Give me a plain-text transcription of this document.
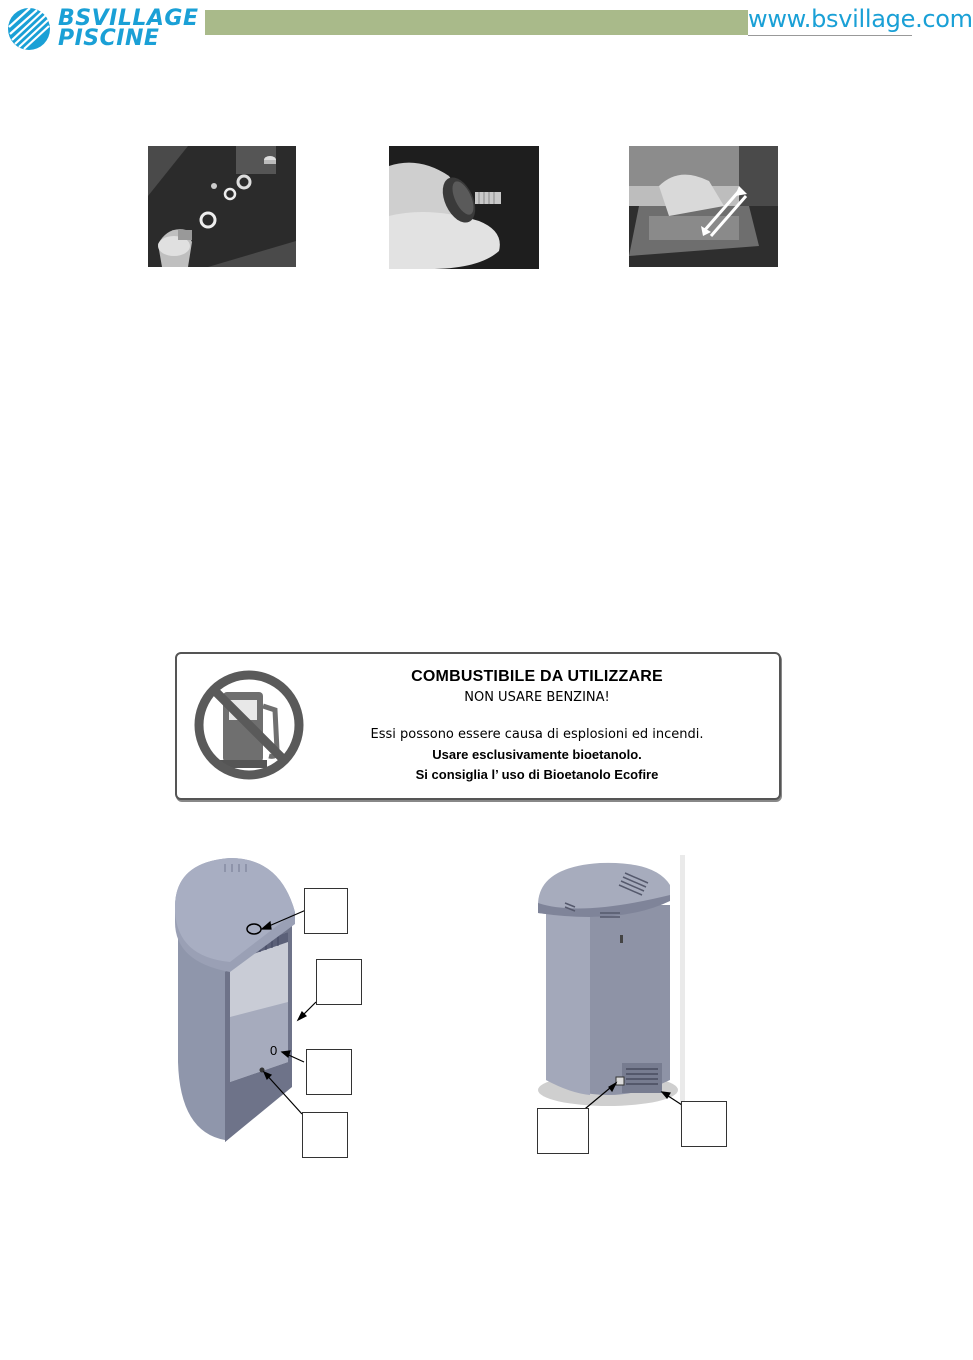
BSVILLAGE
PISCINE
www.bsvillage.com
COMBUSTIBILE DA UTILIZZARE
NON USARE BENZINA!
Essi possono essere causa di esplosioni ed incendi.
Usare esclusivamente bioetanolo.
Si consiglia l’ uso di Bioetanolo Ecofire
0
